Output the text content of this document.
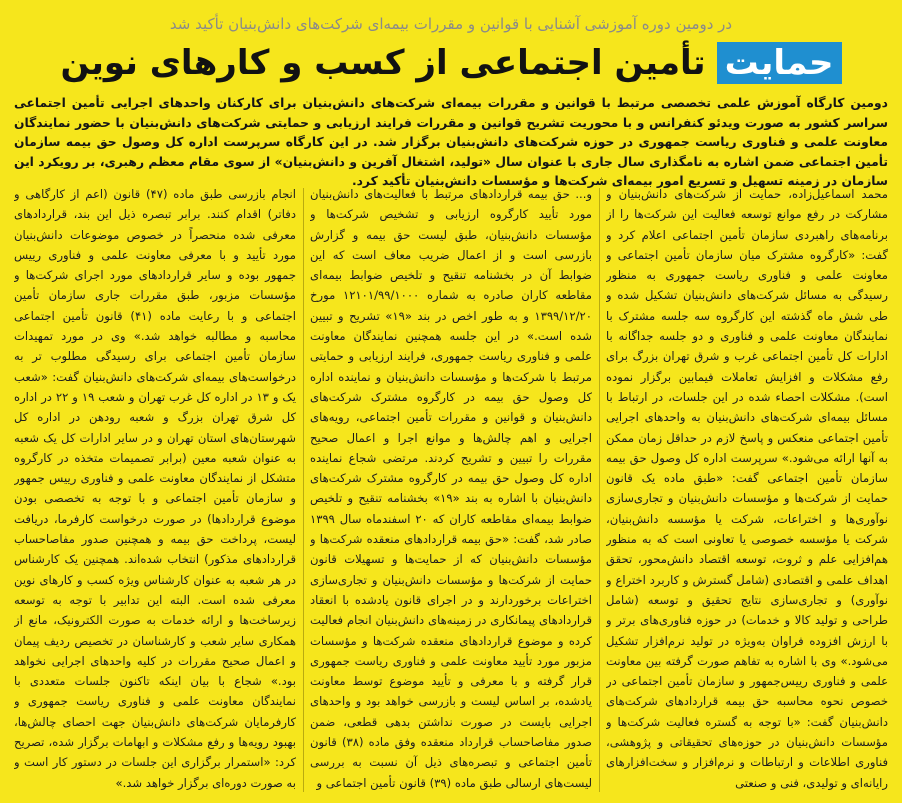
در دومین دوره آموزشی آشنایی با قوانین و مقررات بیمه‌ای شرکت‌های دانش‌بنیان تأکید شد
حمایت تأمین اجتماعی از کسب و کارهای نوین

دومین کارگاه آموزش علمی تخصصی مرتبط با قوانین و مقررات بیمه‌ای شرکت‌های دانش‌بنیان برای کارکنان واحدهای اجرایی تأمین اجتماعی سراسر کشور به صورت ویدئو کنفرانس و با محوریت تشریح قوانین و مقررات فرایند ارزیابی و حمایتی شرکت‌های دانش‌بنیان با حضور نمایندگان معاونت علمی و فناوری ریاست جمهوری در حوزه شرکت‌های دانش‌بنیان برگزار شد. در این کارگاه سرپرست اداره کل وصول حق بیمه سازمان تأمین اجتماعی ضمن اشاره به نامگذاری سال جاری با عنوان سال «تولید، اشتغال آفرین و دانش‌بنیان» از سوی مقام معظم رهبری، بر رویکرد این سازمان در زمینه تسهیل و تسریع امور بیمه‌ای شرکت‌ها و مؤسسات دانش‌بنیان تأکید کرد.

محمد اسماعیل‌زاده، حمایت از شرکت‌های دانش‌بنیان و مشارکت در رفع موانع توسعه فعالیت این شرکت‌ها را از برنامه‌های راهبردی سازمان تأمین اجتماعی اعلام کرد و گفت: «کارگروه مشترک میان سازمان تأمین اجتماعی و معاونت علمی و فناوری ریاست جمهوری به منظور رسیدگی به مسائل شرکت‌های دانش‌بنیان تشکیل شده و طی شش ماه گذشته این کارگروه سه جلسه مشترک با نمایندگان معاونت علمی و فناوری و دو جلسه جداگانه با ادارات کل تأمین اجتماعی غرب و شرق تهران بزرگ برای رفع مشکلات و افزایش تعاملات فیمابین برگزار نموده است). مشکلات احصاء شده در این جلسات، در ارتباط با مسائل بیمه‌ای شرکت‌های دانش‌بنیان به واحدهای اجرایی تأمین اجتماعی منعکس و پاسخ لازم در حداقل زمان ممکن به آنها ارائه می‌شود.» سرپرست اداره کل وصول حق بیمه سازمان تأمین اجتماعی گفت: «طبق ماده یک قانون حمایت از شرکت‌ها و مؤسسات دانش‌بنیان و تجاری‌سازی نوآوری‌ها و اختراعات، شرکت یا مؤسسه دانش‌بنیان، شرکت یا مؤسسه خصوصی یا تعاونی است که به منظور هم‌افزایی علم و ثروت، توسعه اقتصاد دانش‌محور، تحقق اهداف علمی و اقتصادی (شامل گسترش و کاربرد اختراع و نوآوری) و تجاری‌سازی نتایج تحقیق و توسعه (شامل طراحی و تولید کالا و خدمات) در حوزه فناوری‌های برتر و با ارزش افزوده فراوان به‌ویژه در تولید نرم‌افزار تشکیل می‌شود.» وی با اشاره به تفاهم صورت گرفته بین معاونت علمی و فناوری رییس‌جمهور و سازمان تأمین اجتماعی در خصوص نحوه محاسبه حق بیمه قراردادهای شرکت‌های دانش‌بنیان گفت: «با توجه به گستره فعالیت شرکت‌ها و مؤسسات دانش‌بنیان در حوزه‌های تحقیقاتی و پژوهشی، فناوری اطلاعات و ارتباطات و نرم‌افزار و سخت‌افزارهای رایانه‌ای و تولیدی، فنی و صنعتی

و... حق بیمه قراردادهای مرتبط با فعالیت‌های دانش‌بنیان مورد تأیید کارگروه ارزیابی و تشخیص شرکت‌ها و مؤسسات دانش‌بنیان، طبق لیست حق بیمه و گزارش بازرسی است و از اعمال ضریب معاف است که این ضوابط آن در بخشنامه تنقیح و تلخیص ضوابط بیمه‌ای مقاطعه کاران صادره به شماره ۱۲۱۰۱/۹۹/۱۰۰۰ مورخ ۱۳۹۹/۱۲/۲۰ و به طور اخص در بند «۱۹» تشریح و تبیین شده است.» در این جلسه همچنین نمایندگان معاونت علمی و فناوری ریاست جمهوری، فرایند ارزیابی و حمایتی مرتبط با شرکت‌ها و مؤسسات دانش‌بنیان و نماینده اداره کل وصول حق بیمه در کارگروه مشترک شرکت‌های دانش‌بنیان و قوانین و مقررات تأمین اجتماعی، رویه‌های اجرایی و اهم چالش‌ها و موانع اجرا و اعمال صحیح مقررات را تبیین و تشریح کردند. مرتضی شجاع نماینده اداره کل وصول حق بیمه در کارگروه مشترک شرکت‌های دانش‌بنیان با اشاره به بند «۱۹» بخشنامه تنقیح و تلخیص ضوابط بیمه‌ای مقاطعه کاران که ۲۰ اسفندماه سال ۱۳۹۹ صادر شد، گفت: «حق بیمه قراردادهای منعقده شرکت‌ها و مؤسسات دانش‌بنیان که از حمایت‌ها و تسهیلات قانون حمایت از شرکت‌ها و مؤسسات دانش‌بنیان و تجاری‌سازی اختراعات برخوردارند و در اجرای قانون یادشده با انعقاد قراردادهای پیمانکاری در زمینه‌های دانش‌بنیان انجام فعالیت کرده و موضوع قراردادهای منعقده شرکت‌ها و مؤسسات مزبور مورد تأیید معاونت علمی و فناوری ریاست جمهوری قرار گرفته و با معرفی و تأیید موضوع توسط معاونت یادشده، بر اساس لیست و بازرسی خواهد بود و واحدهای اجرایی بایست در صورت نداشتن بدهی قطعی، ضمن صدور مفاصاحساب قرارداد منعقده وفق ماده (۳۸) قانون تأمین اجتماعی و تبصره‌های ذیل آن نسبت به بررسی لیست‌های ارسالی طبق ماده (۳۹) قانون تأمین اجتماعی و

انجام بازرسی طبق ماده (۴۷) قانون (اعم از کارگاهی و دفاتر) اقدام کنند. برابر تبصره ذیل این بند، قراردادهای معرفی شده منحصراً در خصوص موضوعات دانش‌بنیان مورد تأیید و با معرفی معاونت علمی و فناوری رییس جمهور بوده و سایر قراردادهای مورد اجرای شرکت‌ها و مؤسسات مزبور، طبق مقررات جاری سازمان تأمین اجتماعی و با رعایت ماده (۴۱) قانون تأمین اجتماعی محاسبه و مطالبه خواهد شد.» وی در مورد تمهیدات سازمان تأمین اجتماعی برای رسیدگی مطلوب تر به درخواست‌های بیمه‌ای شرکت‌های دانش‌بنیان گفت: «شعب یک و ۱۳ در اداره کل غرب تهران و شعب ۱۹ و ۲۲ در اداره کل شرق تهران بزرگ و شعبه رودهن در اداره کل شهرستان‌های استان تهران و در سایر ادارات کل یک شعبه به عنوان شعبه معین (برابر تصمیمات متخذه در کارگروه متشکل از نمایندگان معاونت علمی و فناوری رییس جمهور و سازمان تأمین اجتماعی و با توجه به تخصصی بودن موضوع قراردادها) در صورت درخواست کارفرما، دریافت لیست، پرداخت حق بیمه و همچنین صدور مفاصاحساب قراردادهای مذکور) انتخاب شده‌اند. همچنین یک کارشناس در هر شعبه به عنوان کارشناس ویژه کسب و کارهای نوین معرفی شده است. البته این تدابیر با توجه به توسعه زیرساخت‌ها و ارائه خدمات به صورت الکترونیک، مانع از همکاری سایر شعب و کارشناسان در تخصیص ردیف پیمان و اعمال صحیح مقررات در کلیه واحدهای اجرایی نخواهد بود.» شجاع با بیان اینکه تاکنون جلسات متعددی با نمایندگان معاونت علمی و فناوری ریاست جمهوری و کارفرمایان شرکت‌های دانش‌بنیان جهت احصای چالش‌ها، بهبود رویه‌ها و رفع مشکلات و ابهامات برگزار شده، تصریح کرد: «استمرار برگزاری این جلسات در دستور کار است و به صورت دوره‌ای برگزار خواهد شد.»
